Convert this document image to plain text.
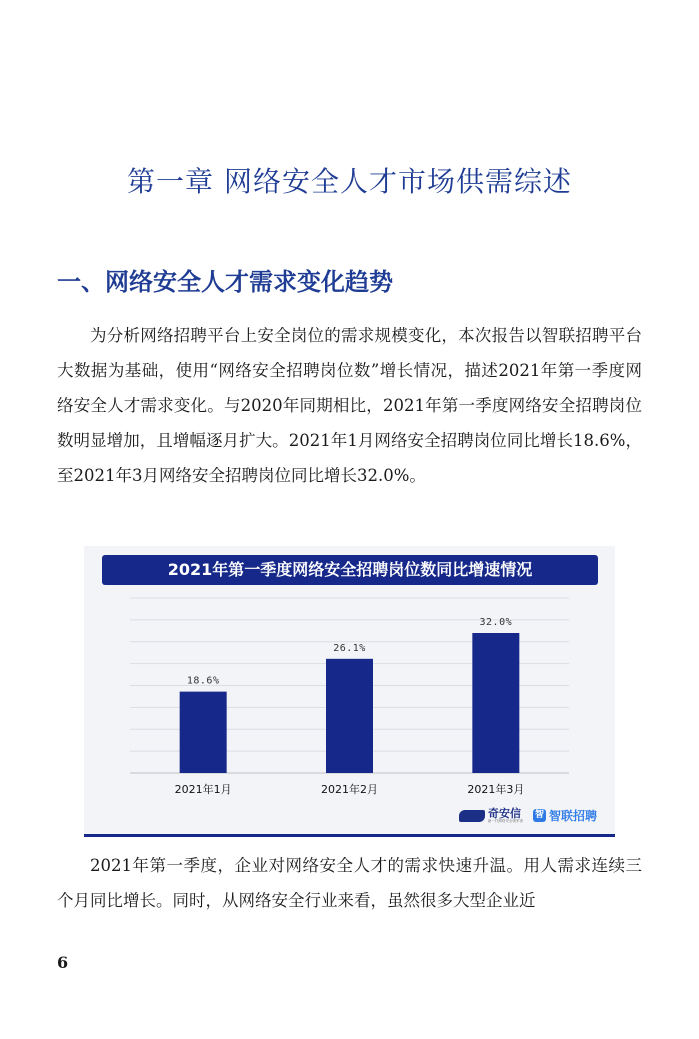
第一章 网络安全人才市场供需综述
一、网络安全人才需求变化趋势

为分析网络招聘平台上安全岗位的需求规模变化，本次报告以智联招聘平台大数据为基础，使用“网络安全招聘岗位数”增长情况，描述2021年第一季度网络安全人才需求变化。与2020年同期相比，2021年第一季度网络安全招聘岗位数明显增加，且增幅逐月扩大。2021年1月网络安全招聘岗位同比增长18.6%，至2021年3月网络安全招聘岗位同比增长32.0%。

18.6%
2021年1月
26.1%
2021年2月
32.0%
2021年3月
2021年第一季度网络安全招聘岗位数同比增速情况
奇安信
新一代网络安全领军者
智 智联招聘

2021年第一季度，企业对网络安全人才的需求快速升温。用人需求连续三个月同比增长。同时，从网络安全行业来看，虽然很多大型企业近

6
